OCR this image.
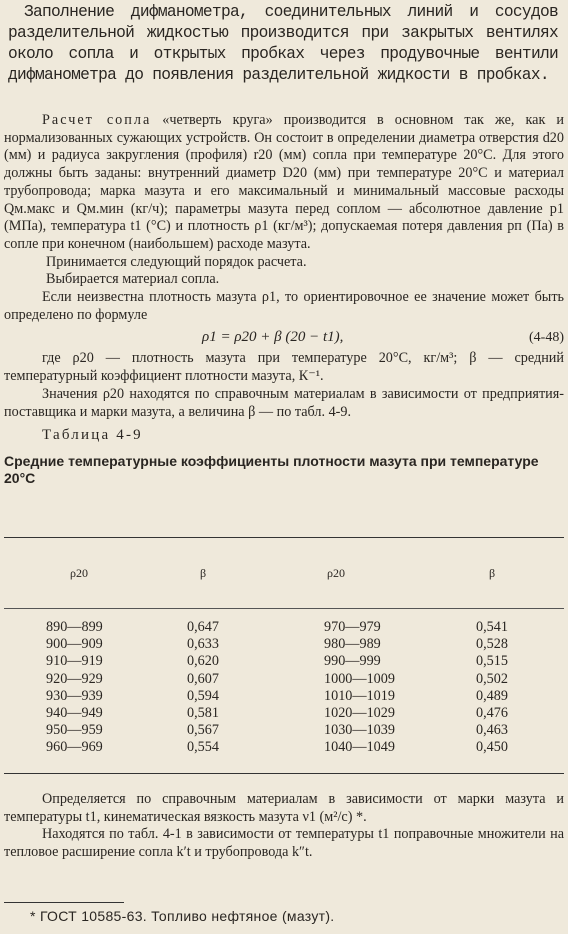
Заполнение дифманометра, соединительных линий и сосудов разделительной жидкостью производится при закрытых вентилях около сопла и открытых пробках через продувочные вентили дифманометра до появления разделительной жидкости в пробках.

Расчет сопла «четверть круга» производится в основном так же, как и нормализованных сужающих устройств. Он состоит в определении диаметра отверстия d20 (мм) и радиуса закругления (профиля) r20 (мм) сопла при температуре 20°C. Для этого должны быть заданы: внутренний диаметр D20 (мм) при температуре 20°C и материал трубопровода; марка мазута и его максимальный и минимальный массовые расходы Qм.макс и Qм.мин (кг/ч); параметры мазута перед соплом — абсолютное давление p1 (МПа), температура t1 (°C) и плотность ρ1 (кг/м³); допускаемая потеря давления pп (Па) в сопле при конечном (наибольшем) расходе мазута.

Принимается следующий порядок расчета.

Выбирается материал сопла.

Если неизвестна плотность мазута ρ1, то ориентировочное ее значение может быть определено по формуле

ρ1 = ρ20 + β (20 − t1),	(4-48)

где ρ20 — плотность мазута при температуре 20°C, кг/м³; β — средний температурный коэффициент плотности мазута, К⁻¹.

Значения ρ20 находятся по справочным материалам в зависимости от предприятия-поставщика и марки мазута, а величина β — по табл. 4-9.

Таблица 4-9

Средние температурные коэффициенты плотности мазута при температуре 20°C

ρ20	β	ρ20	β
890—899	0,647	970—979	0,541
900—909	0,633	980—989	0,528
910—919	0,620	990—999	0,515
920—929	0,607	1000—1009	0,502
930—939	0,594	1010—1019	0,489
940—949	0,581	1020—1029	0,476
950—959	0,567	1030—1039	0,463
960—969	0,554	1040—1049	0,450

Определяется по справочным материалам в зависимости от марки мазута и температуры t1, кинематическая вязкость мазута ν1 (м²/с) *.

Находятся по табл. 4-1 в зависимости от температуры t1 поправочные множители на тепловое расширение сопла k′t и трубопровода k″t.

* ГОСТ 10585-63. Топливо нефтяное (мазут).
